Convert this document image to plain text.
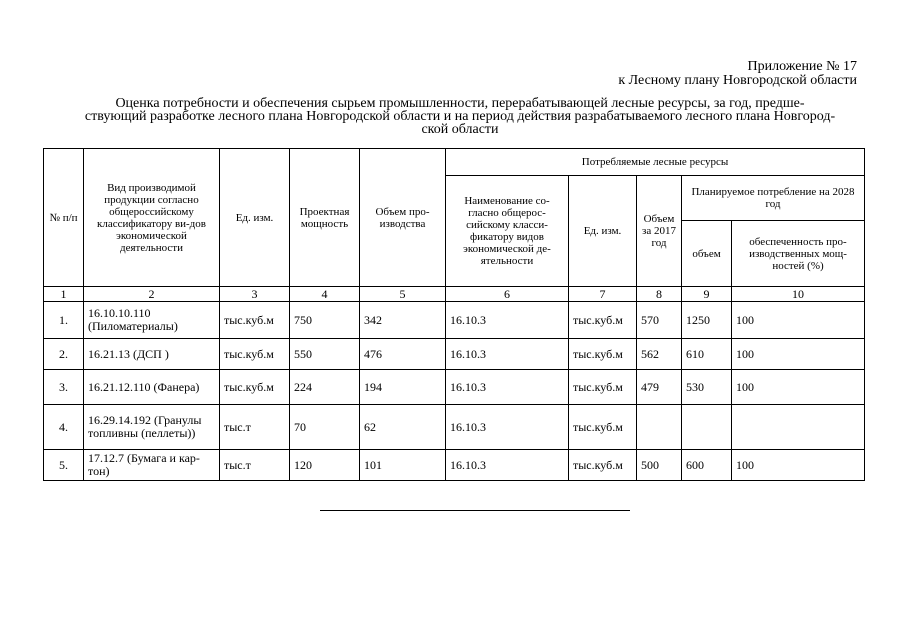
Приложение № 17
к Лесному плану Новгородской области
Оценка потребности и обеспечения сырьем промышленности, перерабатывающей лесные ресурсы, за год, предше-
ствующий разработке лесного плана Новгородской области и на период действия разрабатываемого лесного плана Новгород-
ской области
№ п/п	Вид производимой продукции согласно общероссийскому классификатору ви-дов экономической деятельности	Ед. изм.	Проектная мощность	Объем про-изводства	Потребляемые лесные ресурсы				
					Наименование со-гласно общерос-сийскому класси-фикатору видов экономической де-ятельности	Ед. изм.	Объем за 2017 год	Планируемое потребление на 2028 год	
								объем	обеспеченность про-изводственных мощ-ностей (%)
1	2	3	4	5	6	7	8	9	10
1.	16.10.10.110 (Пиломатериалы)	тыс.куб.м	750	342	16.10.3	тыс.куб.м	570	1250	100
2.	16.21.13 (ДСП )	тыс.куб.м	550	476	16.10.3	тыс.куб.м	562	610	100
3.	16.21.12.110 (Фанера)	тыс.куб.м	224	194	16.10.3	тыс.куб.м	479	530	100
4.	16.29.14.192 (Гранулы топливны (пеллеты))	тыс.т	70	62	16.10.3	тыс.куб.м			
5.	17.12.7 (Бумага и кар-тон)	тыс.т	120	101	16.10.3	тыс.куб.м	500	600	100
